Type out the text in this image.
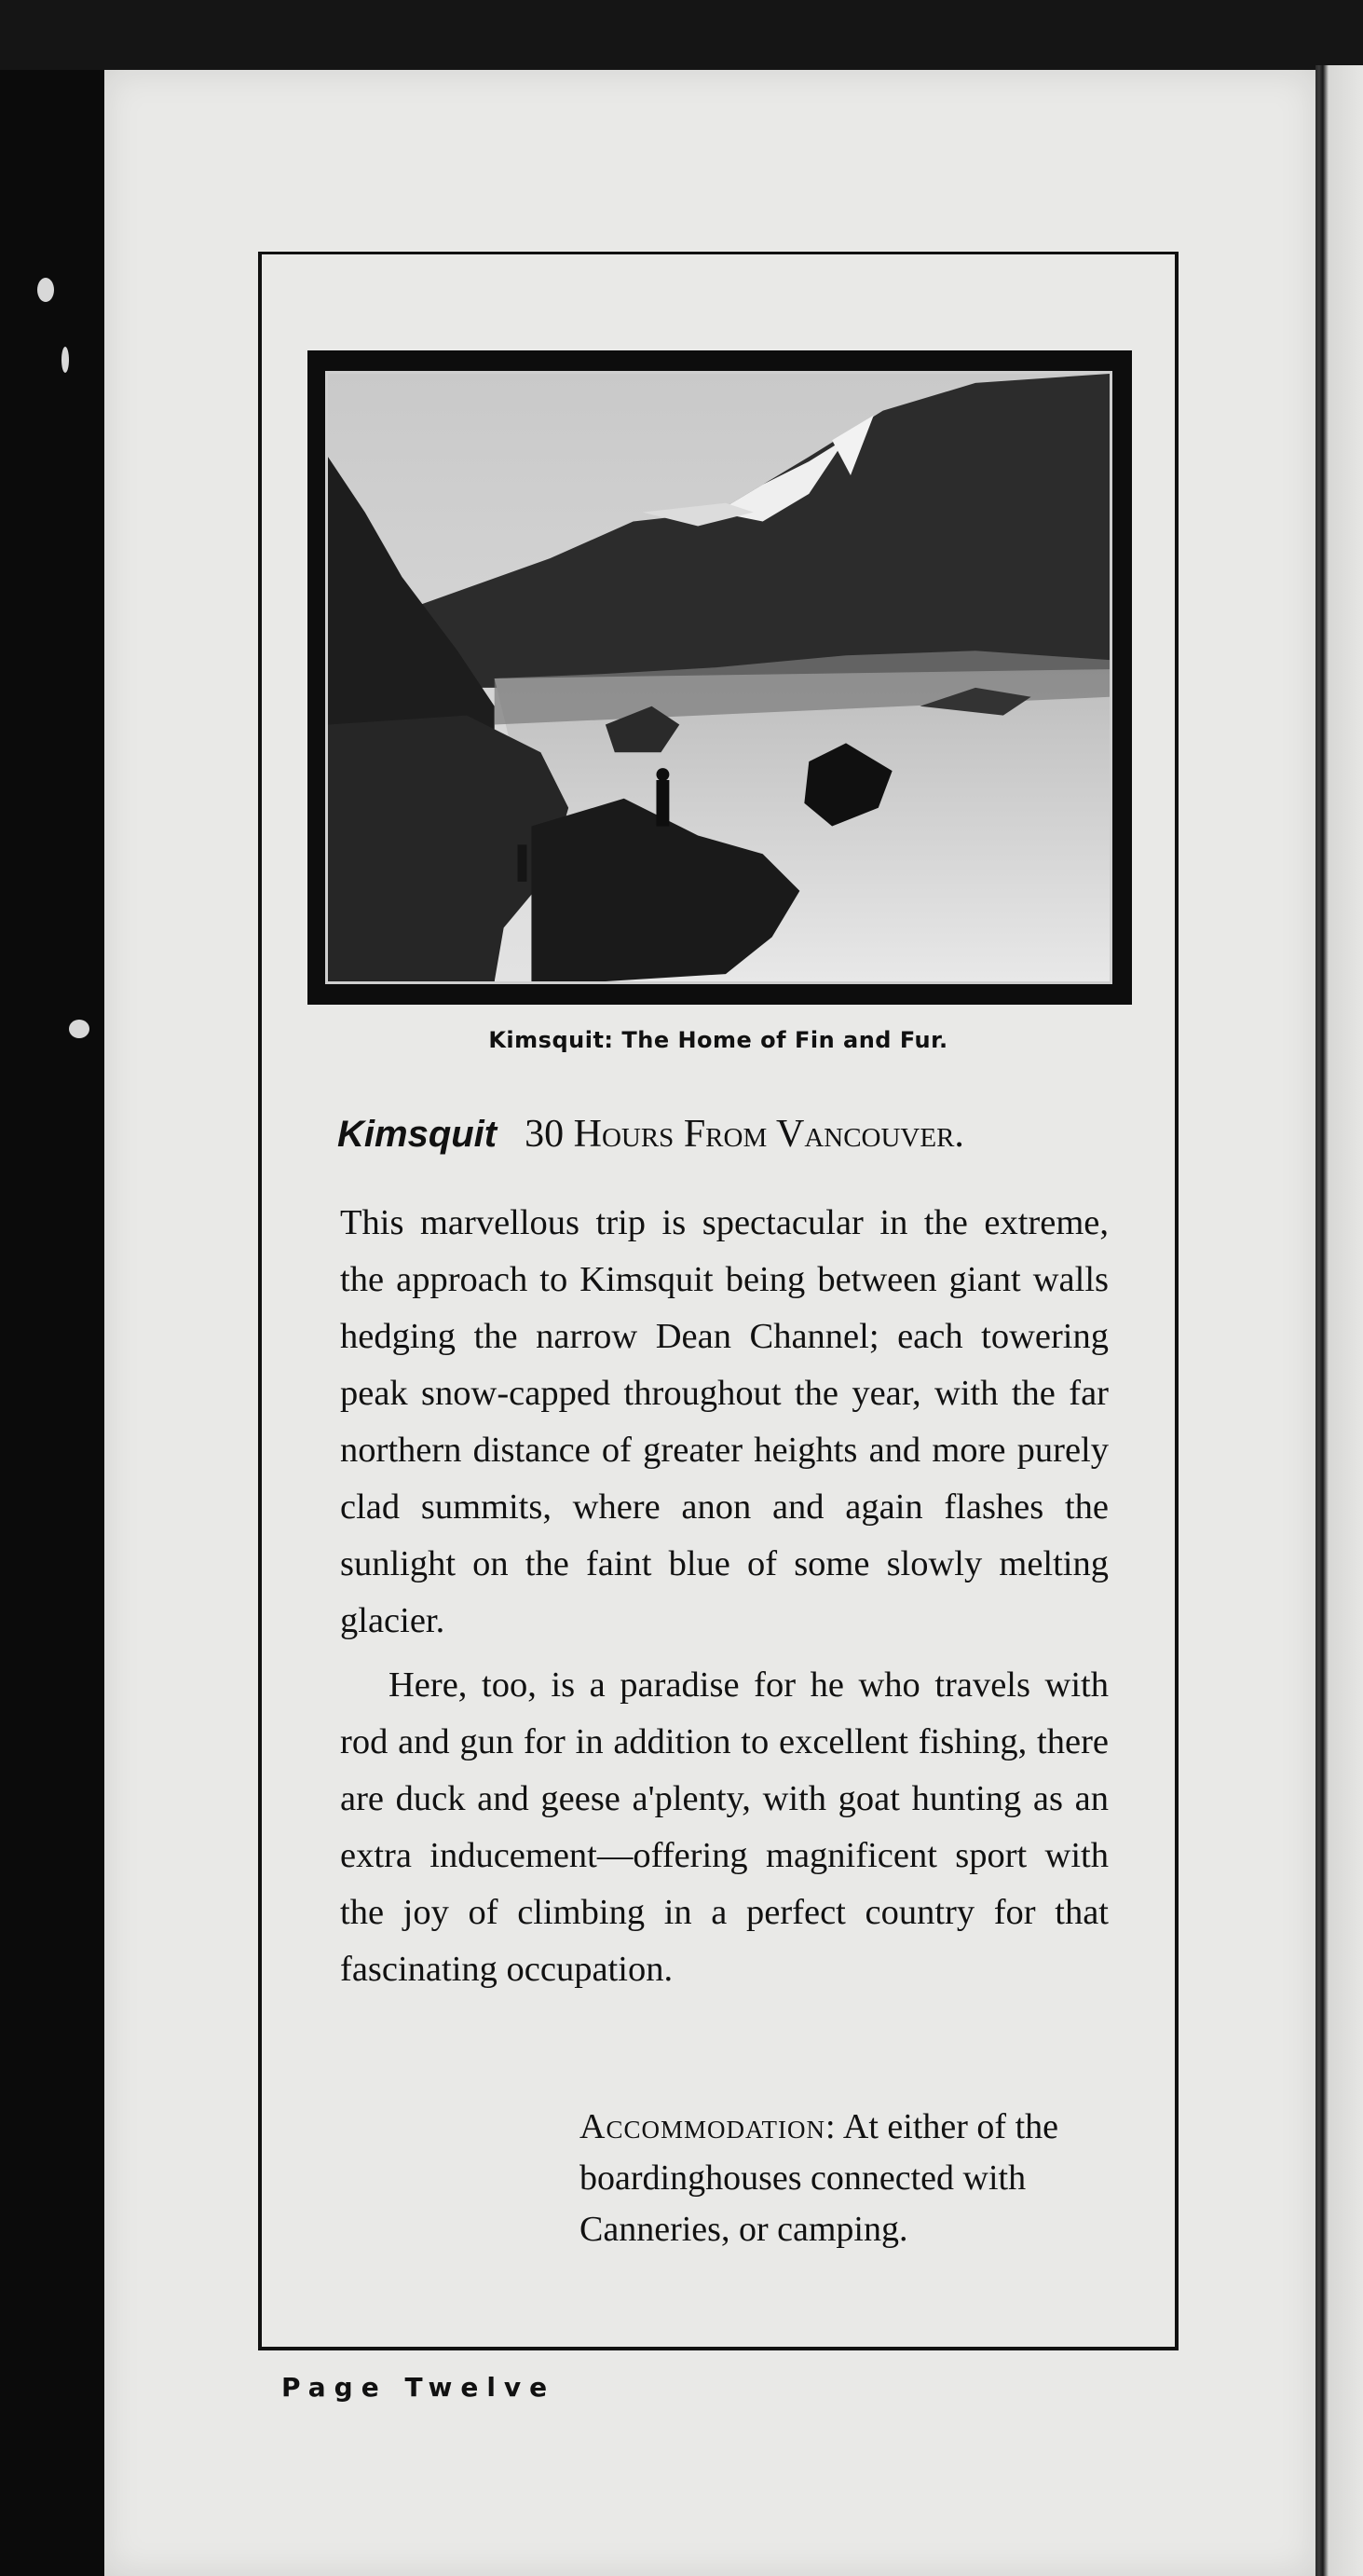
Kimsquit: The Home of Fin and Fur.
Kimsquit 30 Hours From Vancouver.

This marvellous trip is spectacular in the extreme, the approach to Kimsquit being between giant walls hedging the narrow Dean Channel; each towering peak snow-capped throughout the year, with the far northern distance of greater heights and more purely clad summits, where anon and again flashes the sunlight on the faint blue of some slowly melting glacier.

Here, too, is a paradise for he who travels with rod and gun for in addition to excellent fishing, there are duck and geese a'plenty, with goat hunting as an extra inducement—offering magnificent sport with the joy of climbing in a perfect country for that fascinating occupation.

Accommodation: At either of the boardinghouses connected with Canneries, or camping.
Page Twelve
